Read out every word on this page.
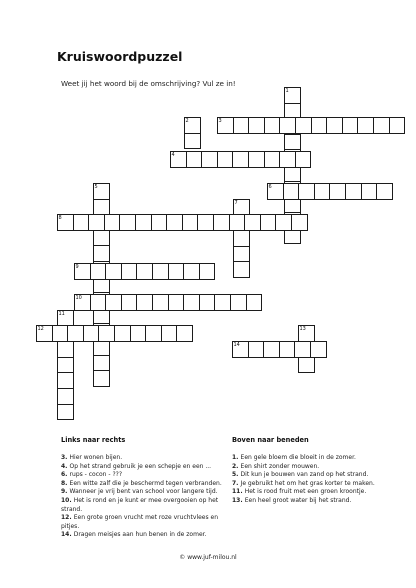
Kruiswoordpuzzel
Weet jij het woord bij de omschrijving? Vul ze in!
1
2	3
4
5	6
7
8
9
10
11
12	13
14
Links naar rechts	Boven naar beneden
3. Hier wonen bijen.
4. Op het strand gebruik je een schepje en een ...
6. rups - cocon - ???
8. Een witte zalf die je beschermd tegen verbranden.
9. Wanneer je vrij bent van school voor langere tijd.
10. Het is rond en je kunt er mee overgooien op het strand.
12. Een grote groen vrucht met roze vruchtvlees en pitjes.
14. Dragen meisjes aan hun benen in de zomer.
1. Een gele bloem die bloeit in de zomer.
2. Een shirt zonder mouwen.
5. Dit kun je bouwen van zand op het strand.
7. Je gebruikt het om het gras korter te maken.
11. Het is rood fruit met een groen kroontje.
13. Een heel groot water bij het strand.
© www.juf-milou.nl
